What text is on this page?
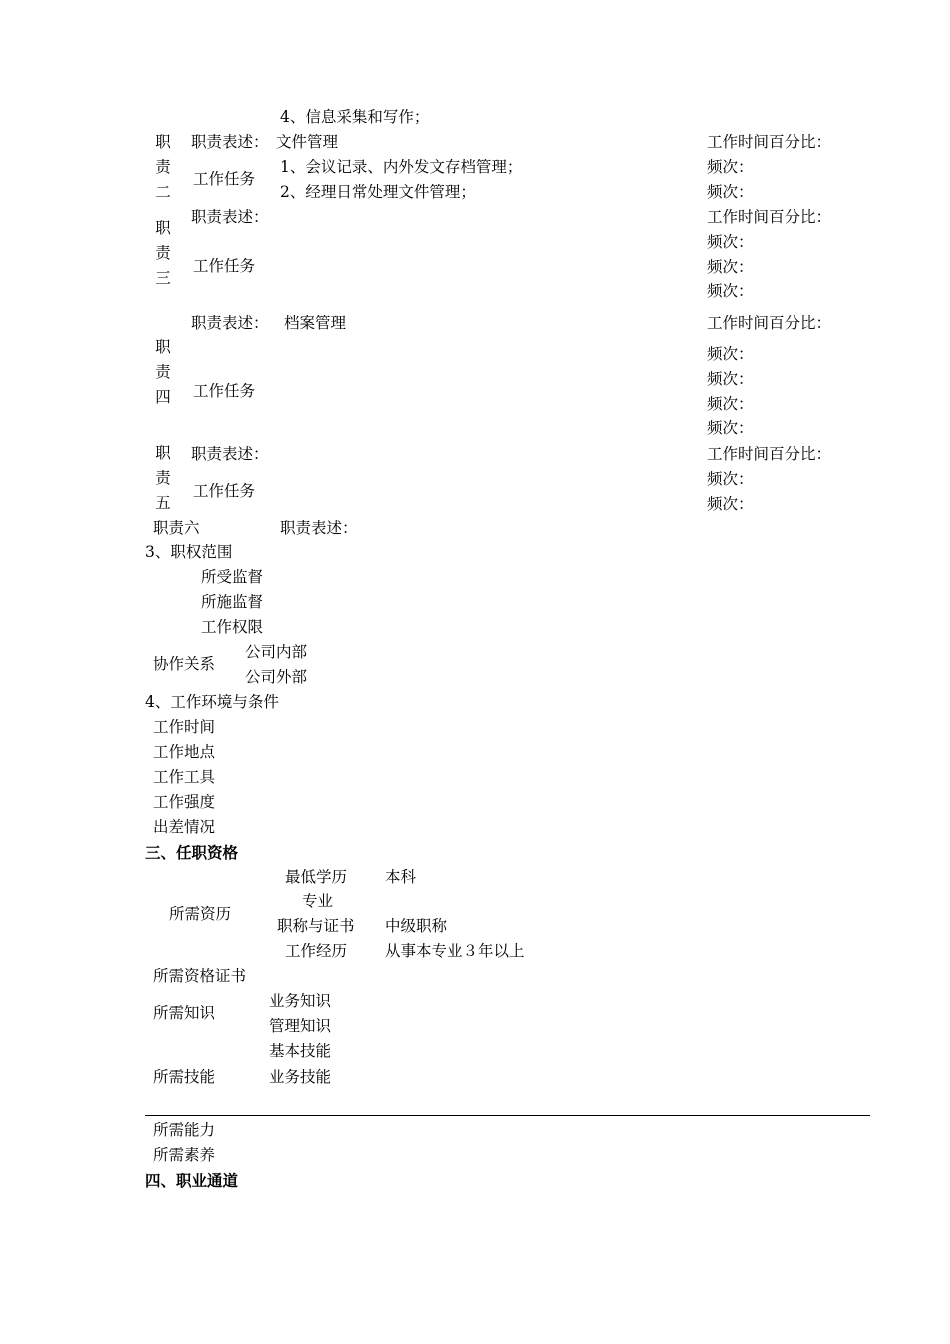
4、信息采集和写作；
职
责
二
职责表述： 文件管理
工作任务
1、会议记录、内外发文存档管理；
2、经理日常处理文件管理；
工作时间百分比：
频次：
频次：
职
责
三
职责表述：
工作任务
工作时间百分比：
频次：
频次：
频次：
职
责
四
职责表述： 档案管理
工作任务
工作时间百分比：
频次：
频次：
频次：
频次：
职
责
五
职责表述：
工作任务
工作时间百分比：
频次：
频次：
职责六	职责表述：
3、职权范围
所受监督
所施监督
工作权限
协作关系
公司内部
公司外部
4、工作环境与条件
工作时间
工作地点
工作工具
工作强度
出差情况
三、任职资格
所需资历
最低学历 本科
专业
职称与证书 中级职称
工作经历 从事本专业３年以上
所需资格证书
所需知识
业务知识
管理知识
基本技能
所需技能	业务技能
所需能力
所需素养
四、职业通道
